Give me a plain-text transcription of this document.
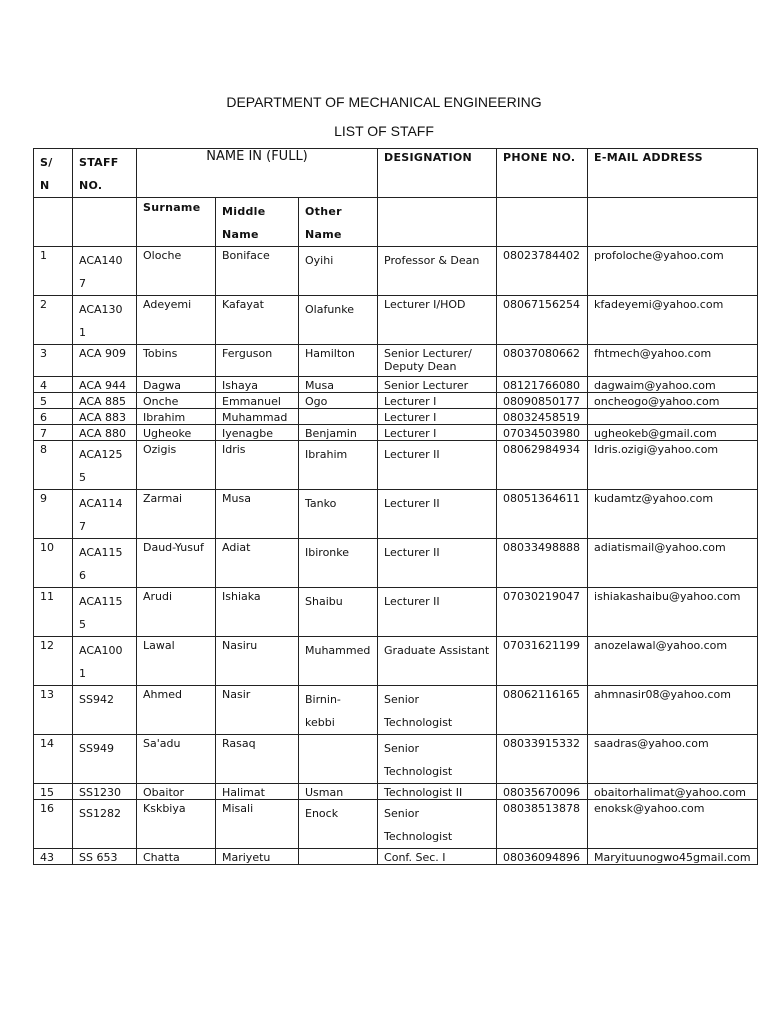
DEPARTMENT OF MECHANICAL ENGINEERING
LIST OF STAFF
S/ N	STAFF NO.	NAME IN (FULL)			DESIGNATION	PHONE NO.	E-MAIL ADDRESS
		Surname	Middle Name	Other Name			
1	ACA140 7	Oloche	Boniface	Oyihi	Professor & Dean	08023784402	profoloche@yahoo.com
2	ACA130 1	Adeyemi	Kafayat	Olafunke	Lecturer I/HOD	08067156254	kfadeyemi@yahoo.com
3	ACA 909	Tobins	Ferguson	Hamilton	Senior Lecturer/ Deputy Dean	08037080662	fhtmech@yahoo.com
4	ACA 944	Dagwa	Ishaya	Musa	Senior Lecturer	08121766080	dagwaim@yahoo.com
5	ACA 885	Onche	Emmanuel	Ogo	Lecturer I	08090850177	oncheogo@yahoo.com
6	ACA 883	Ibrahim	Muhammad		Lecturer I	08032458519	
7	ACA 880	Ugheoke	Iyenagbe	Benjamin	Lecturer I	07034503980	ugheokeb@gmail.com
8	ACA125 5	Ozigis	Idris	Ibrahim	Lecturer II	08062984934	Idris.ozigi@yahoo.com
9	ACA114 7	Zarmai	Musa	Tanko	Lecturer II	08051364611	kudamtz@yahoo.com
10	ACA115 6	Daud-Yusuf	Adiat	Ibironke	Lecturer II	08033498888	adiatismail@yahoo.com
11	ACA115 5	Arudi	Ishiaka	Shaibu	Lecturer II	07030219047	ishiakashaibu@yahoo.com
12	ACA100 1	Lawal	Nasiru	Muhammed	Graduate Assistant	07031621199	anozelawal@yahoo.com
13	SS942	Ahmed	Nasir	Birnin- kebbi	Senior Technologist	08062116165	ahmnasir08@yahoo.com
14	SS949	Sa'adu	Rasaq		Senior Technologist	08033915332	saadras@yahoo.com
15	SS1230	Obaitor	Halimat	Usman	Technologist II	08035670096	obaitorhalimat@yahoo.com
16	SS1282	Kskbiya	Misali	Enock	Senior Technologist	08038513878	enoksk@yahoo.com
43	SS 653	Chatta	Mariyetu		Conf. Sec. I	08036094896	Maryituunogwo45gmail.com
